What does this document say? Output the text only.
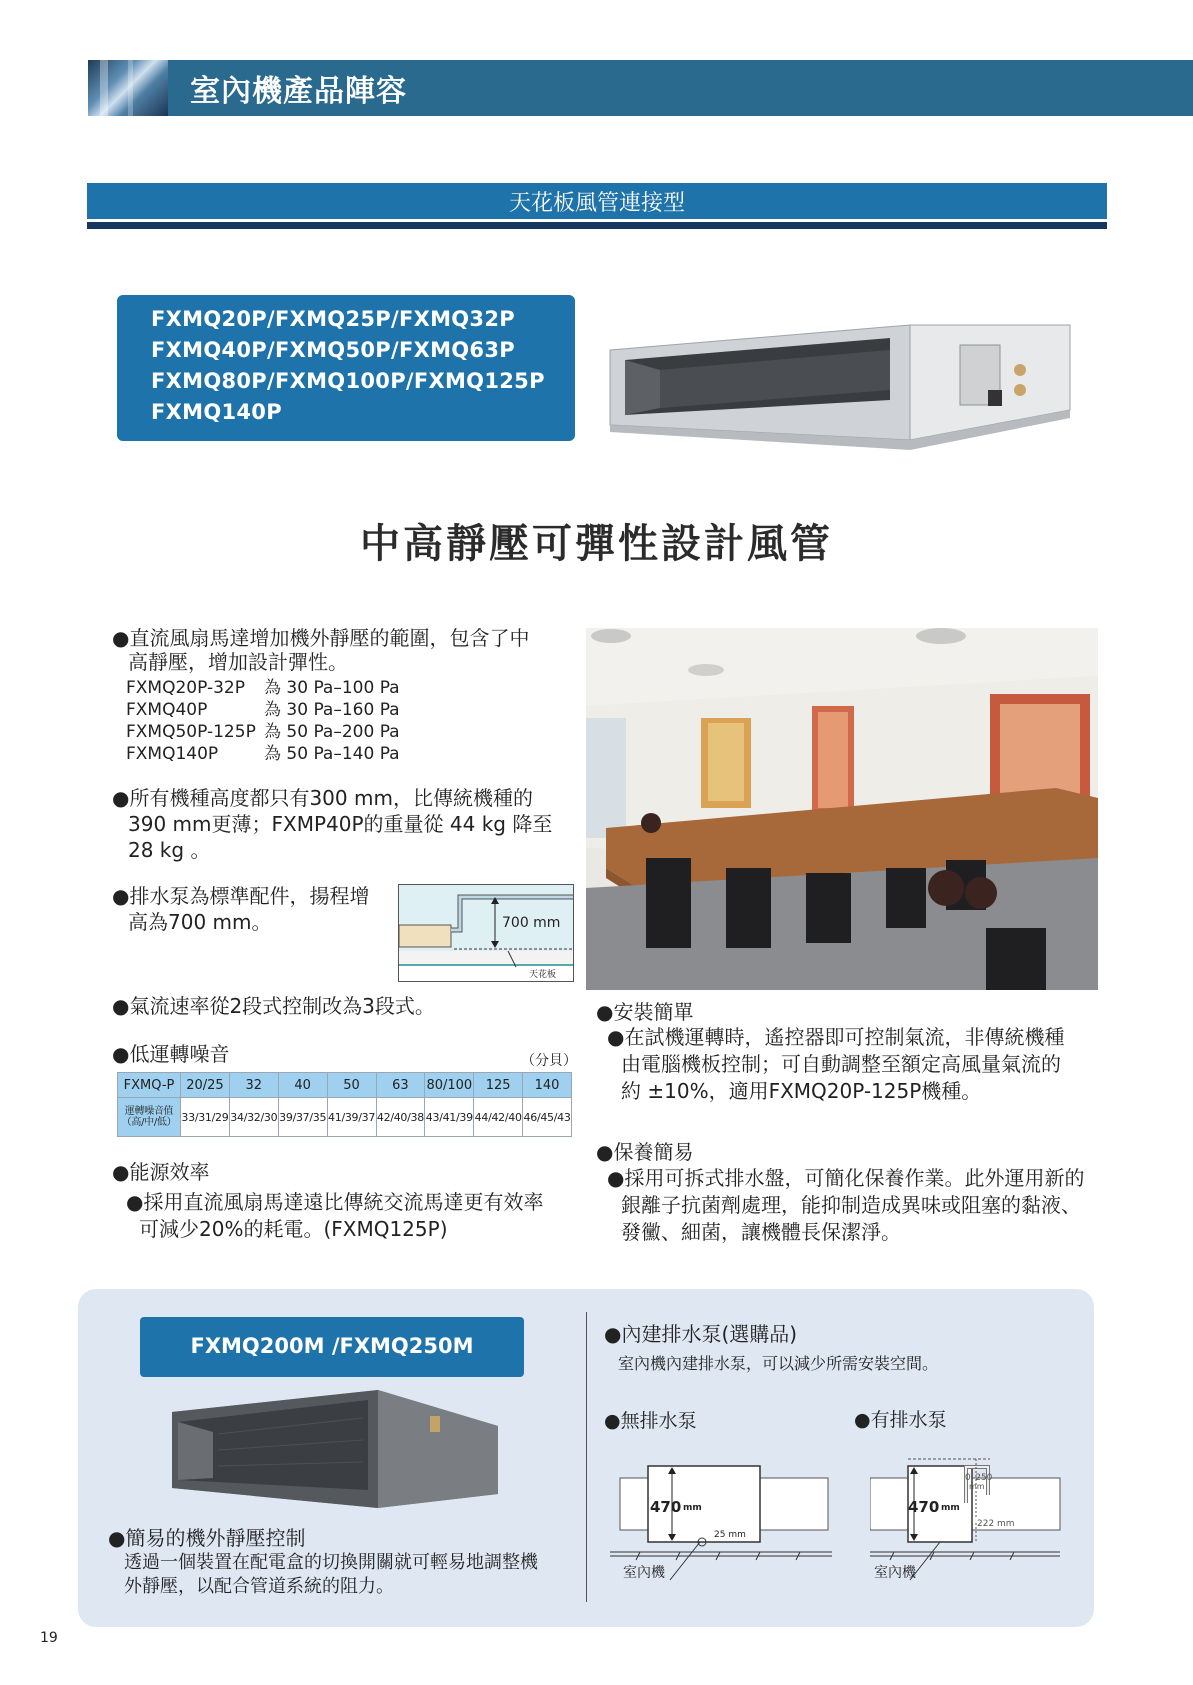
室內機產品陣容
天花板風管連接型
FXMQ20P/FXMQ25P/FXMQ32P
FXMQ40P/FXMQ50P/FXMQ63P
FXMQ80P/FXMQ100P/FXMQ125P
FXMQ140P
中高靜壓可彈性設計風管
●直流風扇馬達增加機外靜壓的範圍，包含了中
高靜壓，增加設計彈性。
FXMQ20P-32P 為 30 Pa–100 Pa
FXMQ40P	為 30 Pa–160 Pa
FXMQ50P-125P 為 50 Pa–200 Pa
FXMQ140P	為 50 Pa–140 Pa
●所有機種高度都只有300 mm，比傳統機種的
390 mm更薄；FXMP40P的重量從 44 kg 降至
28 kg 。
●排水泵為標準配件，揚程增
高為700 mm。	700 mm
天花板
●氣流速率從2段式控制改為3段式。
●低運轉噪音	（分貝）
FXMQ-P	20/25	32	40	50	63	80/100	125	140
運轉噪音值
（高/中/低）	33/31/29	34/32/30	39/37/35	41/39/37	42/40/38	43/41/39	44/42/40	46/45/43
●能源效率
●採用直流風扇馬達遠比傳統交流馬達更有效率
可減少20%的耗電。(FXMQ125P)
●安裝簡單
●在試機運轉時，遙控器即可控制氣流，非傳統機種
由電腦機板控制；可自動調整至額定高風量氣流的
約 ±10%，適用FXMQ20P-125P機種。
●保養簡易
●採用可拆式排水盤，可簡化保養作業。此外運用新的
銀離子抗菌劑處理，能抑制造成異味或阻塞的黏液、
發黴、細菌，讓機體長保潔淨。
FXMQ200M /FXMQ250M
●簡易的機外靜壓控制
透過一個裝置在配電盒的切換開關就可輕易地調整機
外靜壓，以配合管道系統的阻力。
●內建排水泵(選購品)
室內機內建排水泵，可以減少所需安裝空間。
●無排水泵	●有排水泵
470 mm
25 mm
室內機
0–250
mm
470 mm
222 mm
室內機
19
